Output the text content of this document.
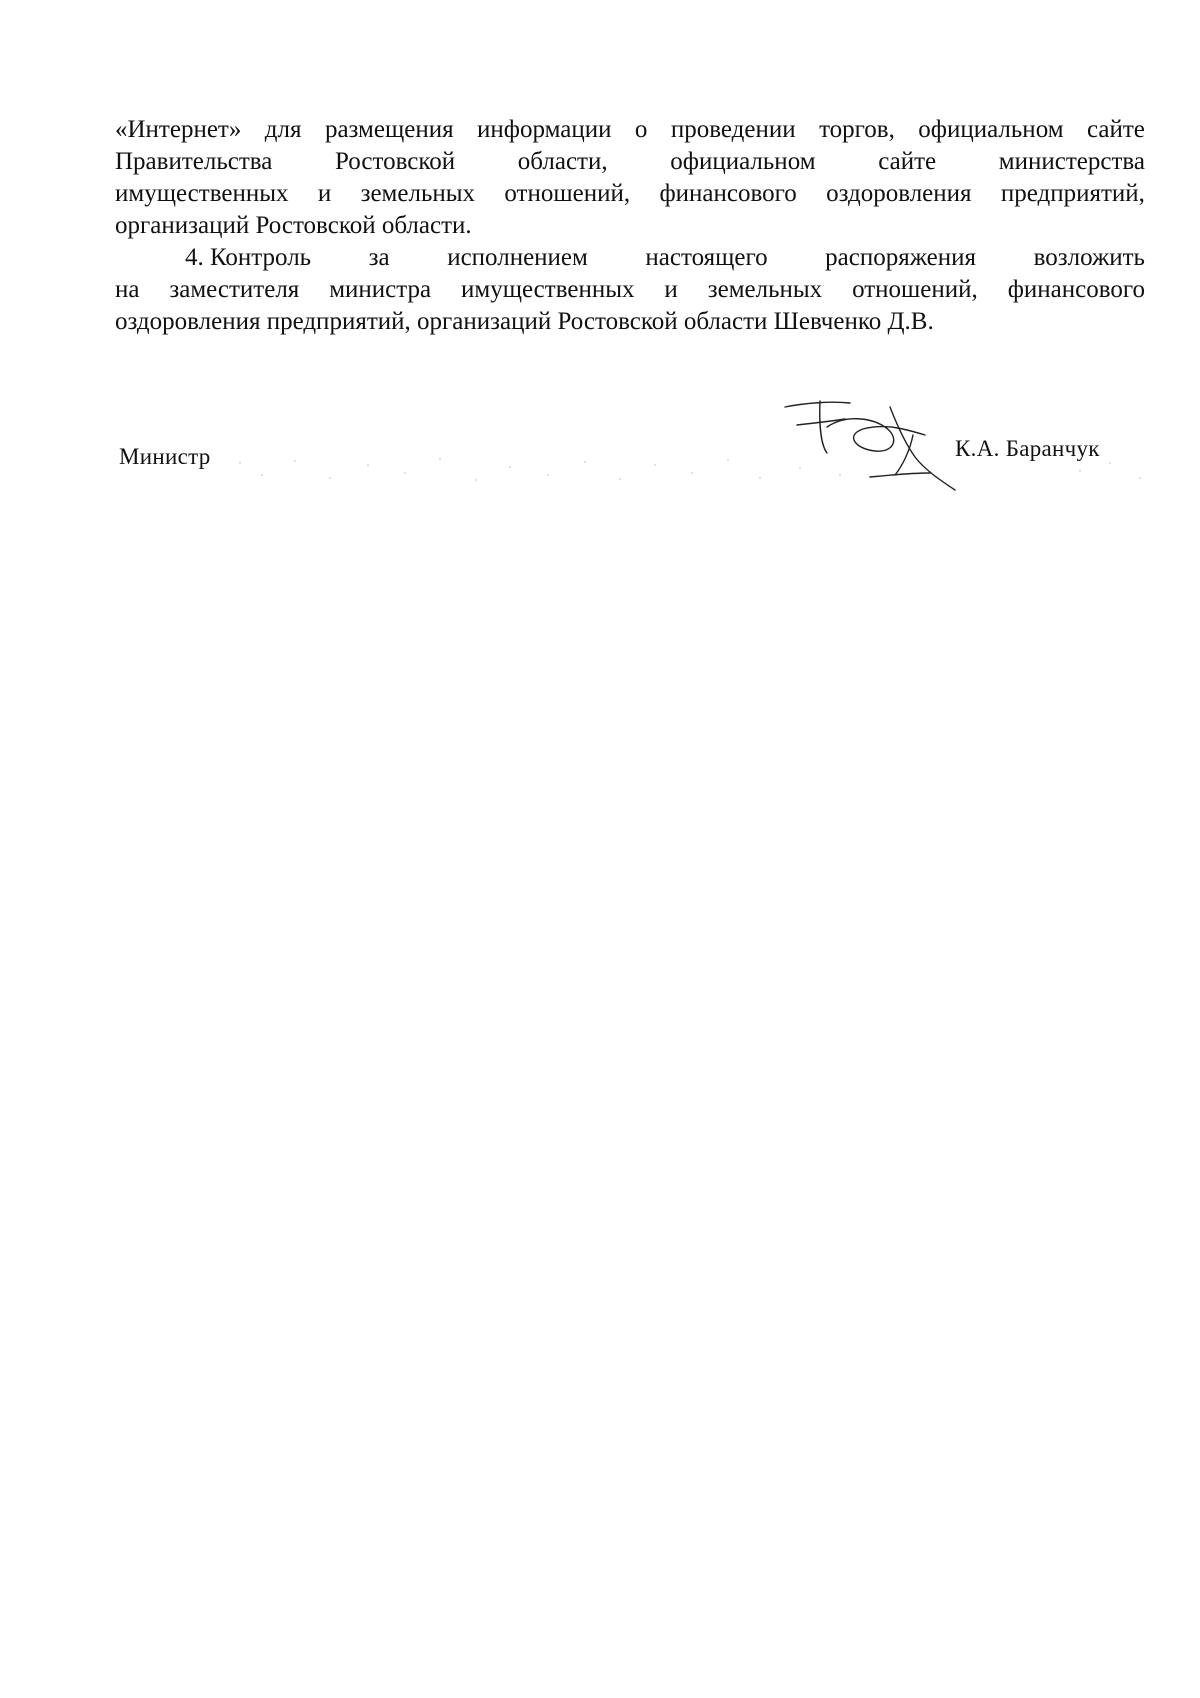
«Интернет» для размещения информации о проведении торгов, официальном сайте
Правительства	Ростовской	области,	официальном	сайте	министерства
имущественных и земельных отношений, финансового оздоровления предприятий,
организаций Ростовской области.
4. Контроль за исполнением настоящего распоряжения возложить
на заместителя министра имущественных и земельных отношений, финансового
оздоровления предприятий, организаций Ростовской области Шевченко Д.В.
Министр	К.А. Баранчук
